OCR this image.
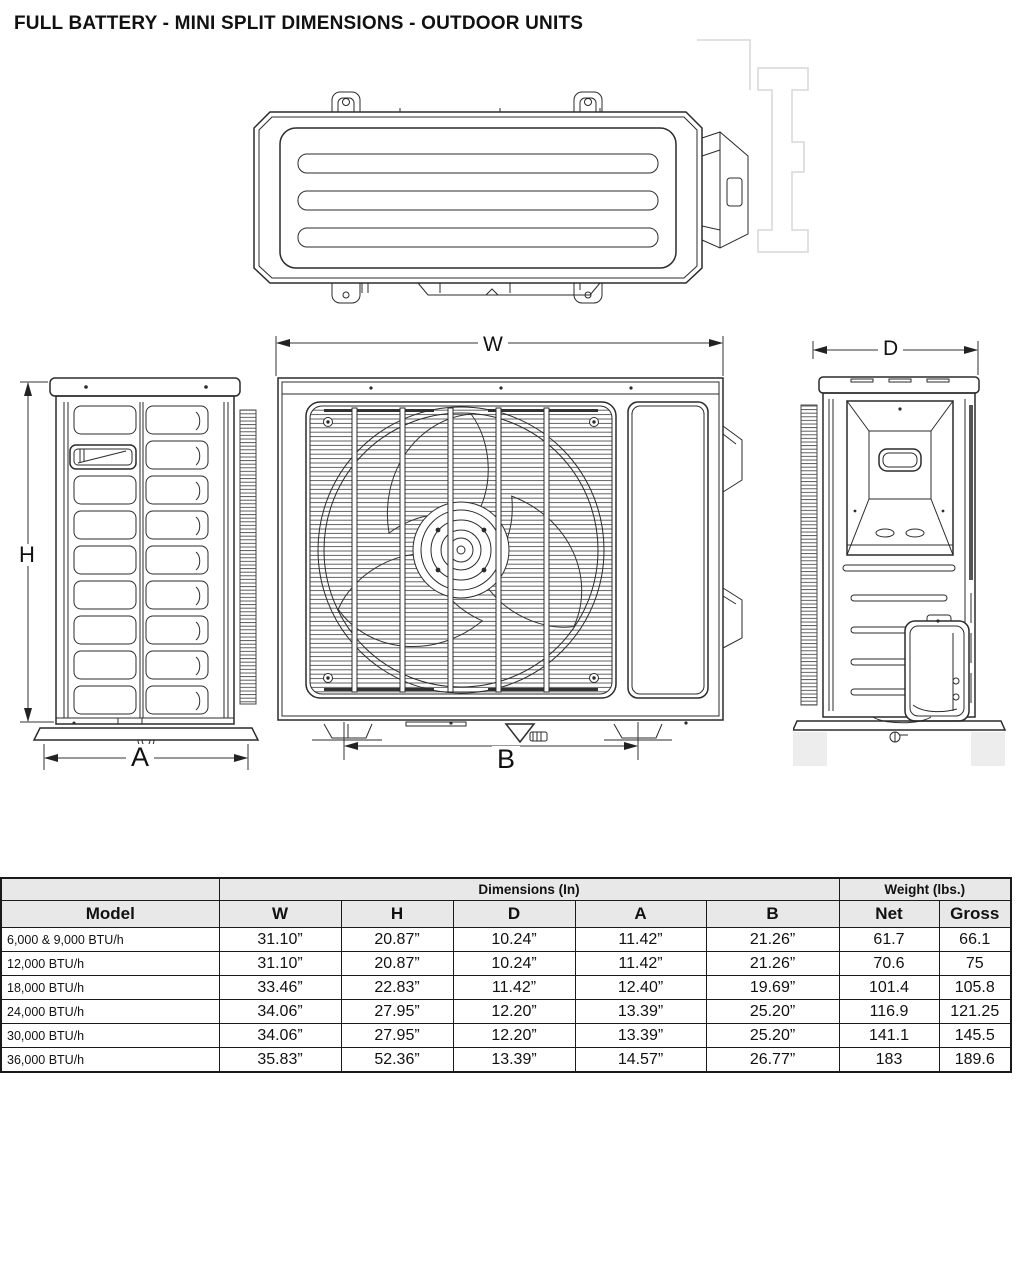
FULL BATTERY - MINI SPLIT DIMENSIONS - OUTDOOR UNITS
W
H
D
A	B
	Dimensions (In)					Weight (lbs.)	
Model	W	H	D	A	B	Net	Gross
6,000 & 9,000 BTU/h	31.10”	20.87”	10.24”	11.42”	21.26”	61.7	66.1
12,000 BTU/h	31.10”	20.87”	10.24”	11.42”	21.26”	70.6	75
18,000 BTU/h	33.46”	22.83”	11.42”	12.40”	19.69”	101.4	105.8
24,000 BTU/h	34.06”	27.95”	12.20”	13.39”	25.20”	116.9	121.25
30,000 BTU/h	34.06”	27.95”	12.20”	13.39”	25.20”	141.1	145.5
36,000 BTU/h	35.83”	52.36”	13.39”	14.57”	26.77”	183	189.6
